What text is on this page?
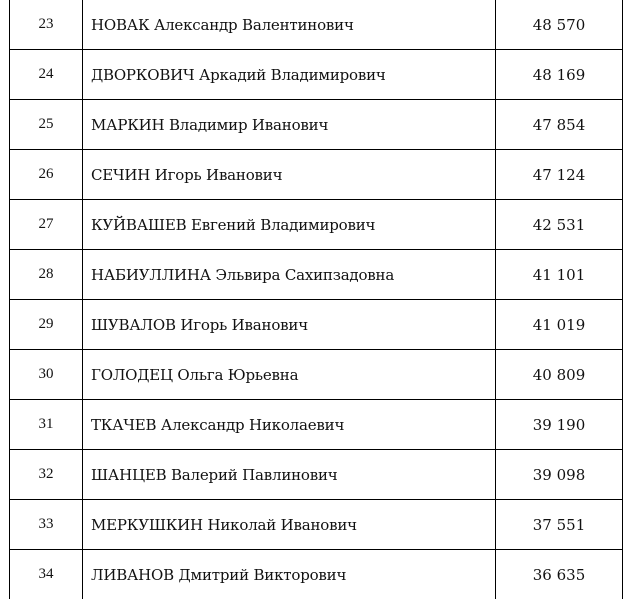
23	НОВАК Александр Валентинович	48 570
24	ДВОРКОВИЧ Аркадий Владимирович	48 169
25	МАРКИН Владимир Иванович	47 854
26	СЕЧИН Игорь Иванович	47 124
27	КУЙВАШЕВ Евгений Владимирович	42 531
28	НАБИУЛЛИНА Эльвира Сахипзадовна	41 101
29	ШУВАЛОВ Игорь Иванович	41 019
30	ГОЛОДЕЦ Ольга Юрьевна	40 809
31	ТКАЧЕВ Александр Николаевич	39 190
32	ШАНЦЕВ Валерий Павлинович	39 098
33	МЕРКУШКИН Николай Иванович	37 551
34	ЛИВАНОВ Дмитрий Викторович	36 635
